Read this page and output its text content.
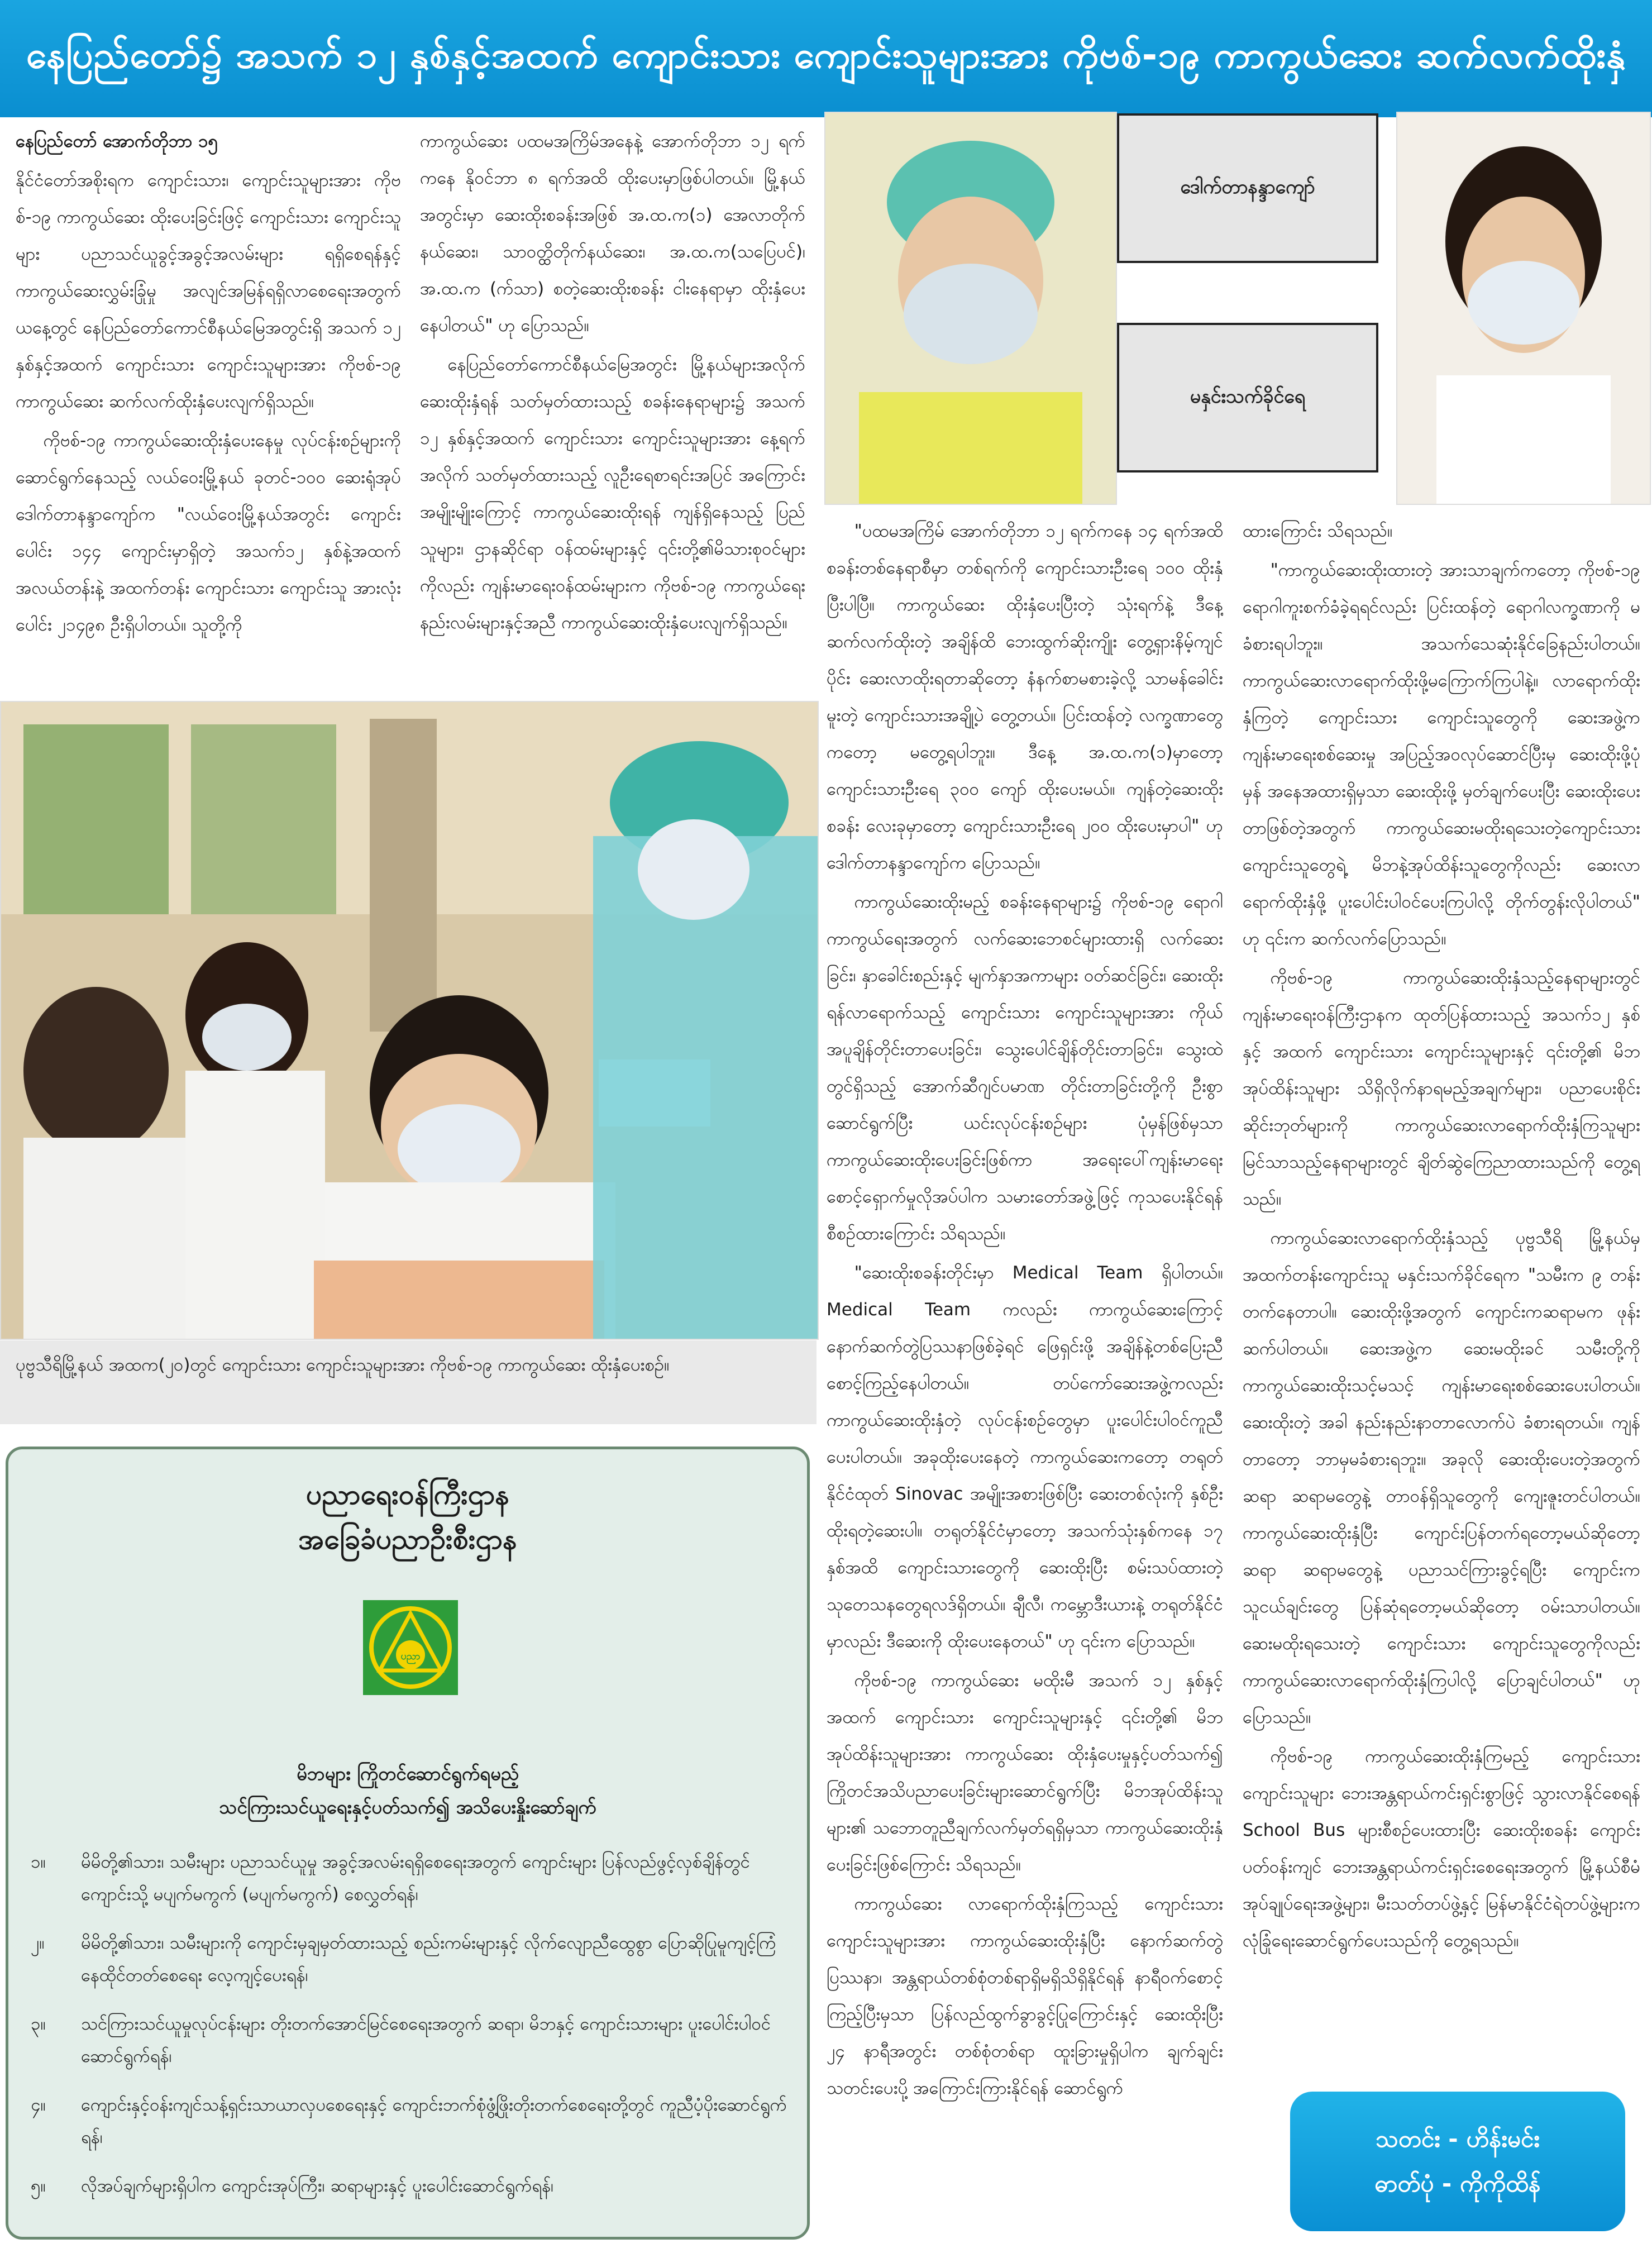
နေပြည်တော်၌ အသက် ၁၂ နှစ်နှင့်အထက် ကျောင်းသား ကျောင်းသူများအား ကိုဗစ်-၁၉ ကာကွယ်ဆေး ဆက်လက်ထိုးနှံ

နေပြည်တော် အောက်တိုဘာ ၁၅

နိုင်ငံတော်အစိုးရက ကျောင်းသား၊ ကျောင်းသူများအား ကိုဗစ်-၁၉ ကာကွယ်ဆေး ထိုးပေးခြင်းဖြင့် ကျောင်းသား ကျောင်းသူများ ပညာသင်ယူခွင့်အခွင့်အလမ်းများ ရရှိစေရန်နှင့် ကာကွယ်ဆေးလွှမ်းခြုံမှု အလျင်အမြန်ရရှိလာစေရေးအတွက် ယနေ့တွင် နေပြည်တော်ကောင်စီနယ်မြေအတွင်းရှိ အသက် ၁၂ နှစ်နှင့်အထက် ကျောင်းသား ကျောင်းသူများအား ကိုဗစ်-၁၉ ကာကွယ်ဆေး ဆက်လက်ထိုးနှံပေးလျက်ရှိသည်။

ကိုဗစ်-၁၉ ကာကွယ်ဆေးထိုးနှံပေးနေမှု လုပ်ငန်းစဉ်များကို ဆောင်ရွက်နေသည့် လယ်ဝေးမြို့နယ် ခုတင်-၁၀၀ ဆေးရုံအုပ် ဒေါက်တာနန္ဒာကျော်က "လယ်ဝေးမြို့နယ်အတွင်း ကျောင်းပေါင်း ၁၄၄ ကျောင်းမှာရှိတဲ့ အသက်၁၂ နှစ်နဲ့အထက်အလယ်တန်းနဲ့ အထက်တန်း ကျောင်းသား ကျောင်းသူ အားလုံးပေါင်း ၂၁၄၉၈ ဦးရှိပါတယ်။ သူတို့ကို

ကာကွယ်ဆေး ပထမအကြိမ်အနေနဲ့ အောက်တိုဘာ ၁၂ ရက်ကနေ နိုဝင်ဘာ ၈ ရက်အထိ ထိုးပေးမှာဖြစ်ပါတယ်။ မြို့နယ်အတွင်းမှာ ဆေးထိုးစခန်းအဖြစ် အ.ထ.က(၁) အေလာတိုက်နယ်ဆေး၊ သာဝတ္ထိတိုက်နယ်ဆေး၊ အ.ထ.က(သပြေပင်)၊ အ.ထ.က (က်သာ) စတဲ့ဆေးထိုးစခန်း ငါးနေရာမှာ ထိုးနှံပေးနေပါတယ်" ဟု ပြောသည်။

နေပြည်တော်ကောင်စီနယ်မြေအတွင်း မြို့နယ်များအလိုက် ဆေးထိုးနှံရန် သတ်မှတ်ထားသည့် စခန်းနေရာများ၌ အသက် ၁၂ နှစ်နှင့်အထက် ကျောင်းသား ကျောင်းသူများအား နေ့ရက်အလိုက် သတ်မှတ်ထားသည့် လူဦးရေစာရင်းအပြင် အကြောင်းအမျိုးမျိုးကြောင့် ကာကွယ်ဆေးထိုးရန် ကျန်ရှိနေသည့် ပြည်သူများ၊ ဌာနဆိုင်ရာ ဝန်ထမ်းများနှင့် ၎င်းတို့၏မိသားစုဝင်များကိုလည်း ကျန်းမာရေးဝန်ထမ်းများက ကိုဗစ်-၁၉ ကာကွယ်ရေး နည်းလမ်းများနှင့်အညီ ကာကွယ်ဆေးထိုးနှံပေးလျက်ရှိသည်။

ပုဗ္ဗသီရိမြို့နယ် အထက(၂၀)တွင် ကျောင်းသား ကျောင်းသူများအား ကိုဗစ်-၁၉ ကာကွယ်ဆေး ထိုးနှံပေးစဉ်။
ဒေါက်တာနန္ဒာကျော်
မနှင်းသက်ခိုင်ရေ

"ပထမအကြိမ် အောက်တိုဘာ ၁၂ ရက်ကနေ ၁၄ ရက်အထိ စခန်းတစ်နေရာစီမှာ တစ်ရက်ကို ကျောင်းသားဦးရေ ၁၀၀ ထိုးနှံပြီးပါပြီ။ ကာကွယ်ဆေး ထိုးနှံပေးပြီးတဲ့ သုံးရက်နဲ့ ဒီနေ့ဆက်လက်ထိုးတဲ့ အချိန်ထိ ဘေးထွက်ဆိုးကျိုး တွေ့ရှားနိမ့်ကျင်ပိုင်း ဆေးလာထိုးရတာဆိုတော့ နံနက်စာမစားခဲ့လို့ သာမန်ခေါင်းမူးတဲ့ ကျောင်းသားအချို့ပဲ တွေ့တယ်။ ပြင်းထန်တဲ့ လက္ခဏာတွေကတော့ မတွေ့ရပါဘူး။ ဒီနေ့ အ.ထ.က(၁)မှာတော့ ကျောင်းသားဦးရေ ၃၀၀ ကျော် ထိုးပေးမယ်။ ကျန်တဲ့ဆေးထိုးစခန်း လေးခုမှာတော့ ကျောင်းသားဦးရေ ၂၀၀ ထိုးပေးမှာပါ" ဟု ဒေါက်တာနန္ဒာကျော်က ပြောသည်။

ကာကွယ်ဆေးထိုးမည့် စခန်းနေရာများ၌ ကိုဗစ်-၁၉ ရောဂါ ကာကွယ်ရေးအတွက် လက်ဆေးဘေစင်များထားရှိ လက်ဆေးခြင်း၊ နှာခေါင်းစည်းနှင့် မျက်နှာအကာများ ဝတ်ဆင်ခြင်း၊ ဆေးထိုးရန်လာရောက်သည့် ကျောင်းသား ကျောင်းသူများအား ကိုယ်အပူချိန်တိုင်းတာပေးခြင်း၊ သွေးပေါင်ချိန်တိုင်းတာခြင်း၊ သွေးထဲတွင်ရှိသည့် အောက်ဆီဂျင်ပမာဏ တိုင်းတာခြင်းတို့ကို ဦးစွာဆောင်ရွက်ပြီး ယင်းလုပ်ငန်းစဉ်များ ပုံမှန်ဖြစ်မှသာ ကာကွယ်ဆေးထိုးပေးခြင်းဖြစ်ကာ အရေးပေါ်ကျန်းမာရေးစောင့်ရှောက်မှုလိုအပ်ပါက သမားတော်အဖွဲ့ဖြင့် ကုသပေးနိုင်ရန်စီစဉ်ထားကြောင်း သိရသည်။

"ဆေးထိုးစခန်းတိုင်းမှာ Medical Team ရှိပါတယ်။ Medical Team ကလည်း ကာကွယ်ဆေးကြောင့် နောက်ဆက်တွဲပြဿနာဖြစ်ခဲ့ရင် ဖြေရှင်းဖို့ အချိန်နဲ့တစ်ပြေးညီ စောင့်ကြည့်နေပါတယ်။ တပ်ကော်ဆေးအဖွဲ့ကလည်း ကာကွယ်ဆေးထိုးနှံတဲ့ လုပ်ငန်းစဉ်တွေမှာ ပူးပေါင်းပါဝင်ကူညီပေးပါတယ်။ အခုထိုးပေးနေတဲ့ ကာကွယ်ဆေးကတော့ တရုတ်နိုင်ငံထုတ် Sinovac အမျိုးအစားဖြစ်ပြီး ဆေးတစ်လုံးကို နှစ်ဦးထိုးရတဲ့ဆေးပါ။ တရုတ်နိုင်ငံမှာတော့ အသက်သုံးနှစ်ကနေ ၁၇ နှစ်အထိ ကျောင်းသားတွေကို ဆေးထိုးပြီး စမ်းသပ်ထားတဲ့ သုတေသနတွေရလဒ်ရှိတယ်။ ချီလီ၊ ကမ္ဘောဒီးယားနဲ့ တရုတ်နိုင်ငံမှာလည်း ဒီဆေးကို ထိုးပေးနေတယ်" ဟု ၎င်းက ပြောသည်။

ကိုဗစ်-၁၉ ကာကွယ်ဆေး မထိုးမီ အသက် ၁၂ နှစ်နှင့်အထက် ကျောင်းသား ကျောင်းသူများနှင့် ၎င်းတို့၏ မိဘအုပ်ထိန်းသူများအား ကာကွယ်ဆေး ထိုးနှံပေးမှုနှင့်ပတ်သက်၍ ကြိုတင်အသိပညာပေးခြင်းများဆောင်ရွက်ပြီး မိဘအုပ်ထိန်းသူများ၏ သဘောတူညီချက်လက်မှတ်ရရှိမှသာ ကာကွယ်ဆေးထိုးနှံပေးခြင်းဖြစ်ကြောင်း သိရသည်။

ကာကွယ်ဆေး လာရောက်ထိုးနှံကြသည့် ကျောင်းသား ကျောင်းသူများအား ကာကွယ်ဆေးထိုးနှံပြီး နောက်ဆက်တွဲပြဿနာ၊ အန္တရာယ်တစ်စုံတစ်ရာရှိမရှိသိရှိနိုင်ရန် နာရီဝက်စောင့်ကြည့်ပြီးမှသာ ပြန်လည်ထွက်ခွာခွင့်ပြုကြောင်းနှင့် ဆေးထိုးပြီး ၂၄ နာရီအတွင်း တစ်စုံတစ်ရာ ထူးခြားမှုရှိပါက ချက်ချင်း သတင်းပေးပို့ အကြောင်းကြားနိုင်ရန် ဆောင်ရွက်

ထားကြောင်း သိရသည်။

"ကာကွယ်ဆေးထိုးထားတဲ့ အားသာချက်ကတော့ ကိုဗစ်-၁၉ ရောဂါကူးစက်ခံခဲ့ရရင်လည်း ပြင်းထန်တဲ့ ရောဂါလက္ခဏာကို မခံစားရပါဘူး။ အသက်သေဆုံးနိုင်ခြေနည်းပါတယ်။ ကာကွယ်ဆေးလာရောက်ထိုးဖို့မကြောက်ကြပါနဲ့။ လာရောက်ထိုးနှံကြတဲ့ ကျောင်းသား ကျောင်းသူတွေကို ဆေးအဖွဲ့က ကျန်းမာရေးစစ်ဆေးမှု အပြည့်အဝလုပ်ဆောင်ပြီးမှ ဆေးထိုးဖို့ပုံမှန် အနေအထားရှိမှသာ ဆေးထိုးဖို့ မှတ်ချက်ပေးပြီး ဆေးထိုးပေးတာဖြစ်တဲ့အတွက် ကာကွယ်ဆေးမထိုးရသေးတဲ့ကျောင်းသား ကျောင်းသူတွေရဲ့ မိဘနဲ့အုပ်ထိန်းသူတွေကိုလည်း ဆေးလာရောက်ထိုးနှံဖို့ ပူးပေါင်းပါဝင်ပေးကြပါလို့ တိုက်တွန်းလိုပါတယ်" ဟု ၎င်းက ဆက်လက်ပြောသည်။

ကိုဗစ်-၁၉ ကာကွယ်ဆေးထိုးနှံသည့်နေရာများတွင် ကျန်းမာရေးဝန်ကြီးဌာနက ထုတ်ပြန်ထားသည့် အသက်၁၂ နှစ်နှင့် အထက် ကျောင်းသား ကျောင်းသူများနှင့် ၎င်းတို့၏ မိဘအုပ်ထိန်းသူများ သိရှိလိုက်နာရမည့်အချက်များ၊ ပညာပေးစိုင်းဆိုင်းဘုတ်များကို ကာကွယ်ဆေးလာရောက်ထိုးနှံကြသူများ မြင်သာသည့်နေရာများတွင် ချိတ်ဆွဲကြေညာထားသည်ကို တွေ့ရသည်။

ကာကွယ်ဆေးလာရောက်ထိုးနှံသည့် ပုဗ္ဗသီရိ မြို့နယ်မှ အထက်တန်းကျောင်းသူ မနှင်းသက်ခိုင်ရေက "သမီးက ၉ တန်းတက်နေတာပါ။ ဆေးထိုးဖို့အတွက် ကျောင်းကဆရာမက ဖုန်းဆက်ပါတယ်။ ဆေးအဖွဲ့က ဆေးမထိုးခင် သမီးတို့ကို ကာကွယ်ဆေးထိုးသင့်မသင့် ကျန်းမာရေးစစ်ဆေးပေးပါတယ်။ ဆေးထိုးတဲ့ အခါ နည်းနည်းနာတာလောက်ပဲ ခံစားရတယ်။ ကျန်တာတော့ ဘာမှမခံစားရဘူး။ အခုလို ဆေးထိုးပေးတဲ့အတွက် ဆရာ ဆရာမတွေနဲ့ တာဝန်ရှိသူတွေကို ကျေးဇူးတင်ပါတယ်။ ကာကွယ်ဆေးထိုးနှံပြီး ကျောင်းပြန်တက်ရတော့မယ်ဆိုတော့ ဆရာ ဆရာမတွေနဲ့ ပညာသင်ကြားခွင့်ရပြီး ကျောင်းကသူငယ်ချင်းတွေ ပြန်ဆုံရတော့မယ်ဆိုတော့ ဝမ်းသာပါတယ်။ ဆေးမထိုးရသေးတဲ့ ကျောင်းသား ကျောင်းသူတွေကိုလည်း ကာကွယ်ဆေးလာရောက်ထိုးနှံကြပါလို့ ပြောချင်ပါတယ်" ဟု ပြောသည်။

ကိုဗစ်-၁၉ ကာကွယ်ဆေးထိုးနှံကြမည့် ကျောင်းသား ကျောင်းသူများ ဘေးအန္တရာယ်ကင်းရှင်းစွာဖြင့် သွားလာနိုင်စေရန် School Bus များစီစဉ်ပေးထားပြီး ဆေးထိုးစခန်း ကျောင်းပတ်ဝန်းကျင် ဘေးအန္တရာယ်ကင်းရှင်းစေရေးအတွက် မြို့နယ်စီမံအုပ်ချုပ်ရေးအဖွဲ့များ၊ မီးသတ်တပ်ဖွဲ့နှင့် မြန်မာနိုင်ငံရဲတပ်ဖွဲ့များက လုံခြုံရေးဆောင်ရွက်ပေးသည်ကို တွေ့ရသည်။

သတင်း - ဟိန်းမင်း
ဓာတ်ပုံ - ကိုကိုထိန်
ပညာရေးဝန်ကြီးဌာန
အခြေခံပညာဦးစီးဌာန
ပညာ
မိဘများ ကြိုတင်ဆောင်ရွက်ရမည့်
သင်ကြားသင်ယူရေးနှင့်ပတ်သက်၍ အသိပေးနှိုးဆော်ချက်
၁။ မိမိတို့၏သား၊ သမီးများ ပညာသင်ယူမှု အခွင့်အလမ်းရရှိစေရေးအတွက် ကျောင်းများ ပြန်လည်ဖွင့်လှစ်ချိန်တွင် ကျောင်းသို့ မပျက်မကွက် (မပျက်မကွက်) စေလွှတ်ရန်၊
၂။ မိမိတို့၏သား၊ သမီးများကို ကျောင်းမှချမှတ်ထားသည့် စည်းကမ်းများနှင့် လိုက်လျောညီထွေစွာ ပြောဆိုပြုမူကျင့်ကြံနေထိုင်တတ်စေရေး လေ့ကျင့်ပေးရန်၊
၃။ သင်ကြားသင်ယူမှုလုပ်ငန်းများ တိုးတက်အောင်မြင်စေရေးအတွက် ဆရာ၊ မိဘနှင့် ကျောင်းသားများ ပူးပေါင်းပါဝင်ဆောင်ရွက်ရန်၊
၄။ ကျောင်းနှင့်ဝန်းကျင်သန့်ရှင်းသာယာလှပစေရေးနှင့် ကျောင်းဘက်စုံဖွံ့ဖြိုးတိုးတက်စေရေးတို့တွင် ကူညီပံ့ပိုးဆောင်ရွက်ရန်၊
၅။ လိုအပ်ချက်များရှိပါက ကျောင်းအုပ်ကြီး၊ ဆရာများနှင့် ပူးပေါင်းဆောင်ရွက်ရန်၊
